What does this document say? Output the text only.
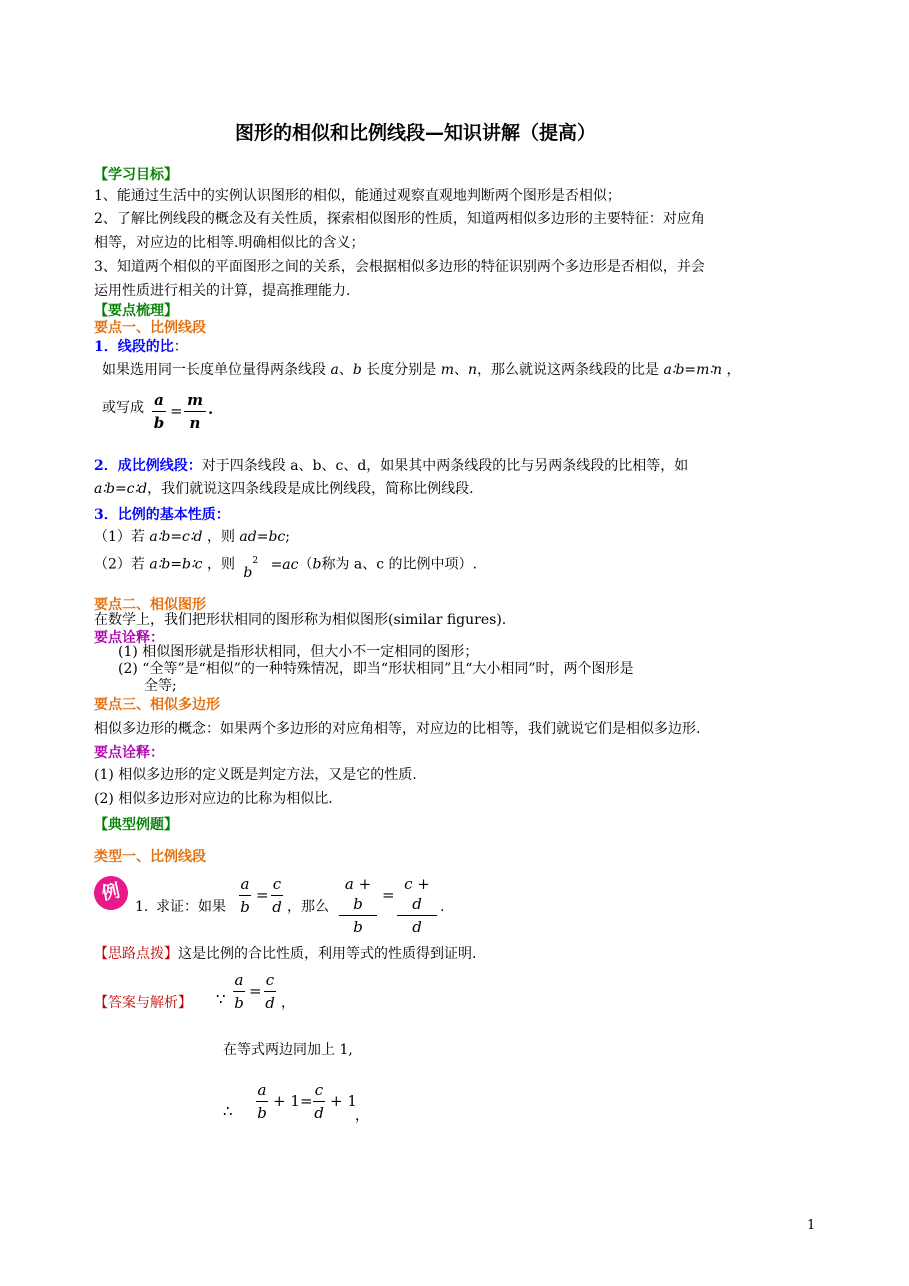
图形的相似和比例线段—知识讲解（提高）
【学习目标】
1、能通过生活中的实例认识图形的相似，能通过观察直观地判断两个图形是否相似；
2、了解比例线段的概念及有关性质，探索相似图形的性质，知道两相似多边形的主要特征：对应角
相等，对应边的比相等.明确相似比的含义；
3、知道两个相似的平面图形之间的关系，会根据相似多边形的特征识别两个多边形是否相似，并会
运用性质进行相关的计算，提高推理能力.
【要点梳理】
要点一、比例线段
1．线段的比：
如果选用同一长度单位量得两条线段 a、b 长度分别是 m、n，那么就说这两条线段的比是 a∶b=m∶n ，
或写成 a
b
=
m
n
.
2．成比例线段：对于四条线段 a、b、c、d，如果其中两条线段的比与另两条线段的比相等，如
a∶b=c∶d，我们就说这四条线段是成比例线段，简称比例线段.
3．比例的基本性质：
（1）若 a∶b=c∶d ，则 ad=bc;
（2）若 a∶b=b∶c ，则 $b^2 =ac(b$称为 a、c 的比例中项）.
要点二、相似图形
在数学上，我们把形状相同的图形称为相似图形(similar figures).
要点诠释：
(1) 相似图形就是指形状相同，但大小不一定相同的图形；
(2) “全等”是“相似”的一种特殊情况，即当“形状相同”且“大小相同”时，两个图形是
全等;
要点三、相似多边形
相似多边形的概念：如果两个多边形的对应角相等，对应边的比相等，我们就说它们是相似多边形.
要点诠释：
(1) 相似多边形的定义既是判定方法，又是它的性质.
(2) 相似多边形对应边的比称为相似比.
【典型例题】
类型一、比例线段
例
1. 求证：如果
a
b
=
c
d ，那么
a + b
b
=
c + d
d
.
【思路点拨】这是比例的合比性质，利用等式的性质得到证明.
【答案与解析】 ∵
a
b
=
c
d ，
在等式两边同加上 1,
∴
a
b
+ 1 =
c
d
+ 1
，
1
